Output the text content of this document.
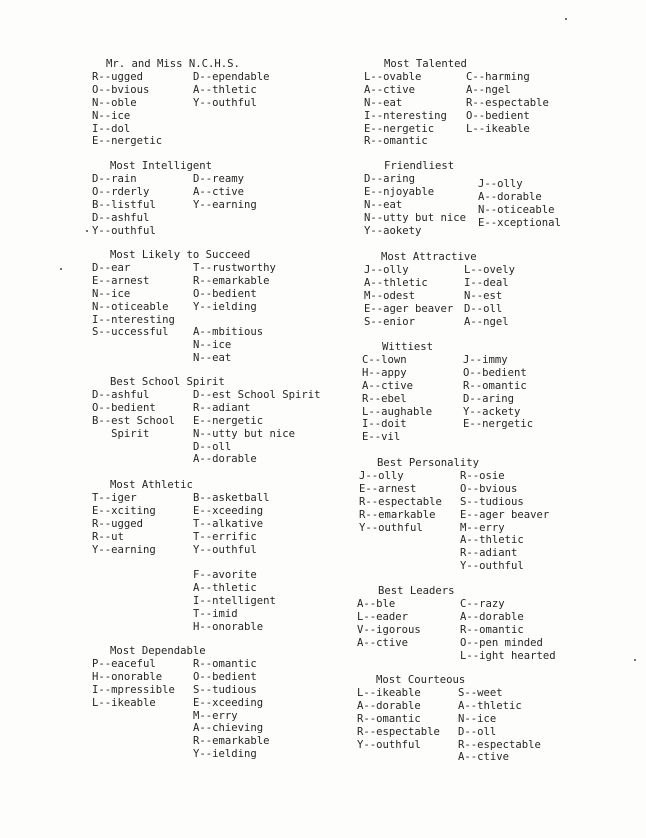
Mr. and Miss N.C.H.S.
R--ugged
O--bvious
N--oble
N--ice
I--dol
E--nergetic
D--ependable
A--thletic
Y--outhful
Most Intelligent
D--rain
O--rderly
B--listful
D--ashful
Y--outhful
D--reamy
A--ctive
Y--earning
Most Likely to Succeed
D--ear
E--arnest
N--ice
N--oticeable
I--nteresting
S--uccessful
T--rustworthy
R--emarkable
O--bedient
Y--ielding
A--mbitious
N--ice
N--eat
Best School Spirit
D--ashful
O--bedient
B--est School
Spirit
D--est School Spirit
R--adiant
E--nergetic
N--utty but nice
D--oll
A--dorable
Most Athletic
T--iger
E--xciting
R--ugged
R--ut
Y--earning
B--asketball
E--xceeding
T--alkative
T--errific
Y--outhful
F--avorite
A--thletic
I--ntelligent
T--imid
H--onorable
Most Dependable
P--eaceful
H--onorable
I--mpressible
L--ikeable
R--omantic
O--bedient
S--tudious
E--xceeding
M--erry
A--chieving
R--emarkable
Y--ielding
Most Talented
L--ovable
A--ctive
N--eat
I--nteresting
E--nergetic
R--omantic
C--harming
A--ngel
R--espectable
O--bedient
L--ikeable
Friendliest
D--aring
E--njoyable
N--eat
N--utty but nice
Y--aokety
J--olly
A--dorable
N--oticeable
E--xceptional
Most Attractive
J--olly
A--thletic
M--odest
E--ager beaver
S--enior
L--ovely
I--deal
N--est
D--oll
A--ngel
Wittiest
C--lown
H--appy
A--ctive
R--ebel
L--aughable
I--doit
E--vil
J--immy
O--bedient
R--omantic
D--aring
Y--ackety
E--nergetic
Best Personality
J--olly
E--arnest
R--espectable
R--emarkable
Y--outhful
R--osie
O--bvious
S--tudious
E--ager beaver
M--erry
A--thletic
R--adiant
Y--outhful
Best Leaders
A--ble
L--eader
V--igorous
A--ctive
C--razy
A--dorable
R--omantic
O--pen minded
L--ight hearted
Most Courteous
L--ikeable
A--dorable
R--omantic
R--espectable
Y--outhful
S--weet
A--thletic
N--ice
D--oll
R--espectable
A--ctive
